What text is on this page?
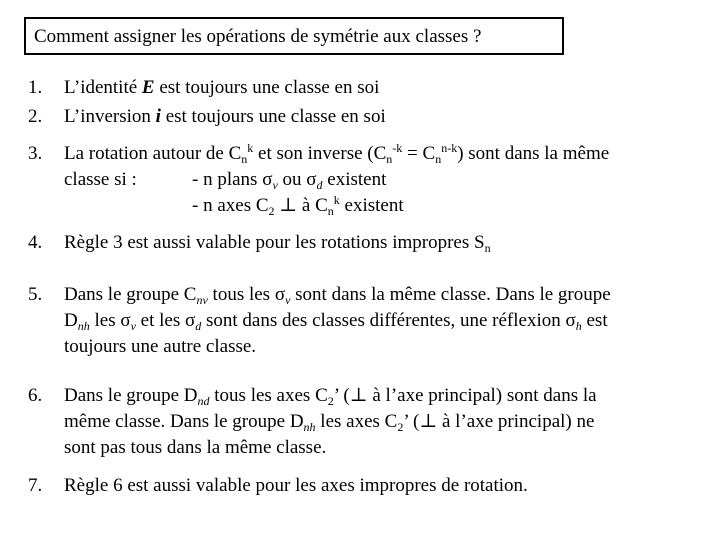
Comment assigner les opérations de symétrie aux classes ?
1. L’identité E est toujours une classe en soi
2. L’inversion i est toujours une classe en soi
3. La rotation autour de $C_n^k$ et son inverse $(C_n^{-k} = C_n^{n-k})$ sont dans la même
classe si :	- n plans $\sigma_v$ ou $\sigma_d$ existent
- n axes $C_2$ ⊥ à $C_n^k$ existent
4. Règle 3 est aussi valable pour les rotations impropres $S_n$
5. Dans le groupe $C_{nv}$ tous les $\sigma_v$ sont dans la même classe. Dans le groupe
$D_{nh}$ les $\sigma_v$ et les $\sigma_d$ sont dans des classes différentes, une réflexion $\sigma_h$ est
toujours une autre classe.
6. Dans le groupe $D_{nd}$ tous les axes $C_2$’ (⊥ à l’axe principal) sont dans la
même classe. Dans le groupe $D_{nh}$ les axes $C_2$’ (⊥ à l’axe principal) ne
sont pas tous dans la même classe.
7. Règle 6 est aussi valable pour les axes impropres de rotation.
